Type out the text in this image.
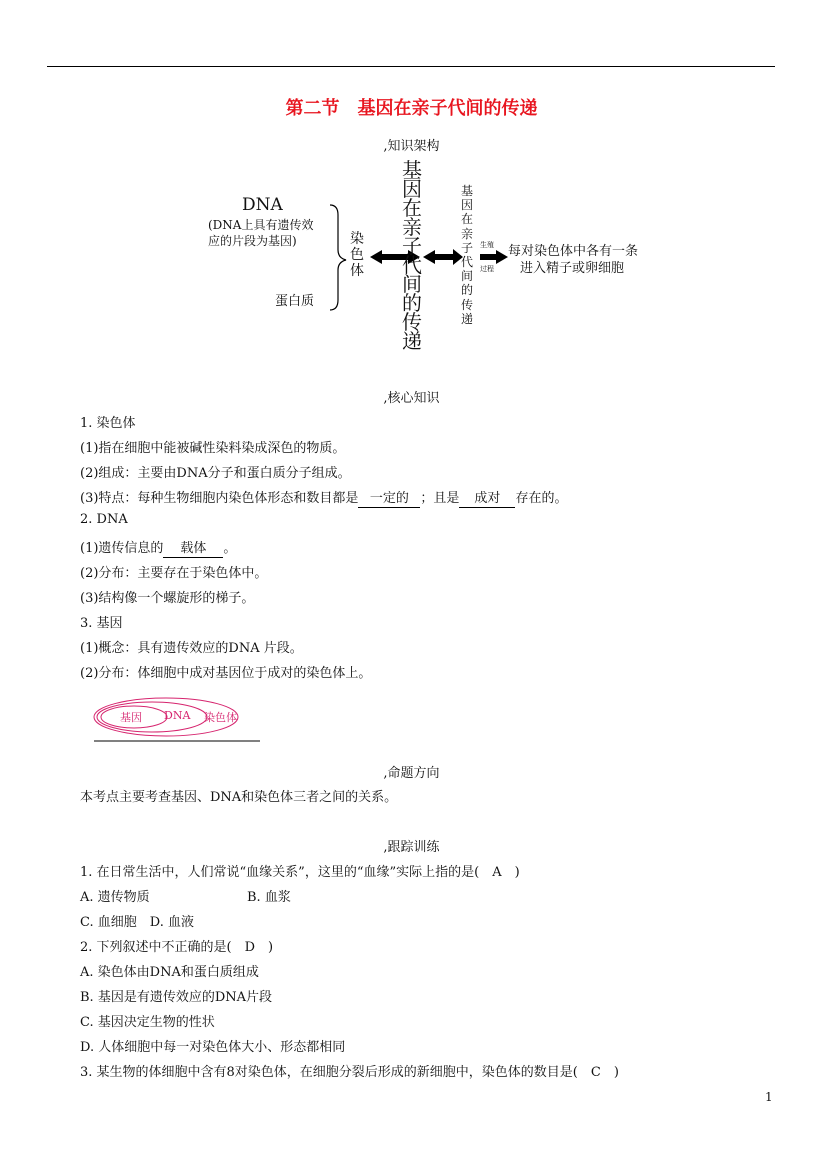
第二节 基因在亲子代间的传递
,知识架构
DNA
(DNA上具有遗传效
应的片段为基因)
蛋白质
染
色
体
基
因
在
亲
子
代
间
的
传
递
基
因
在
亲
子
代
间
的
传
递
生殖
过程
每对染色体中各有一条
进入精子或卵细胞
,核心知识
1. 染色体
(1)指在细胞中能被碱性染料染成深色的物质。
(2)组成：主要由DNA分子和蛋白质分子组成。
(3)特点：每种生物细胞内染色体形态和数目都是 一定的 ；且是 成对 存在的。
2. DNA
(1)遗传信息的 载体 。
(2)分布：主要存在于染色体中。
(3)结构像一个螺旋形的梯子。
3. 基因
(1)概念：具有遗传效应的DNA 片段。
(2)分布：体细胞中成对基因位于成对的染色体上。
基因 DNA 染色体
,命题方向
本考点主要考查基因、DNA和染色体三者之间的关系。
,跟踪训练
1. 在日常生活中，人们常说“血缘关系”，这里的“血缘”实际上指的是(　A　)
A. 遗传物质	B. 血浆
C. 血细胞　D. 血液
2. 下列叙述中不正确的是(　D　)
A. 染色体由DNA和蛋白质组成
B. 基因是有遗传效应的DNA片段
C. 基因决定生物的性状
D. 人体细胞中每一对染色体大小、形态都相同
3. 某生物的体细胞中含有8对染色体，在细胞分裂后形成的新细胞中，染色体的数目是(　C　)
1
